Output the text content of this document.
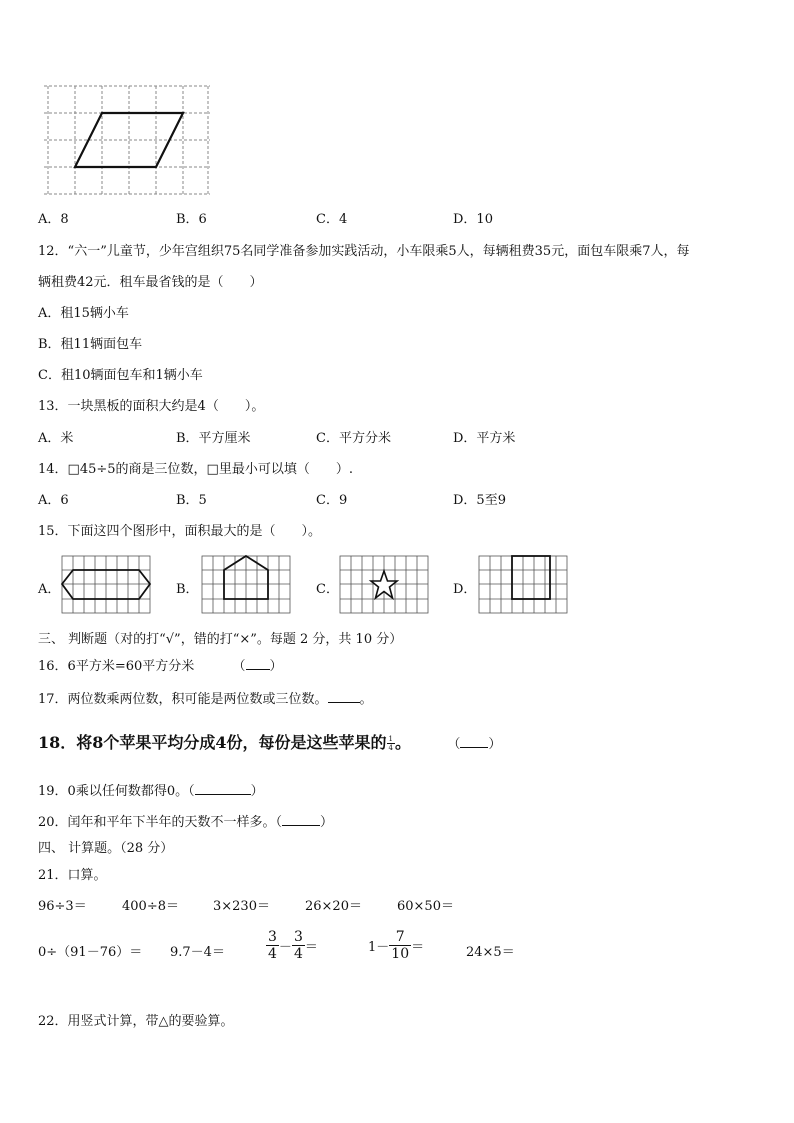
A．8	B．6	C．4	D．10
12．“六一”儿童节，少年宫组织75名同学准备参加实践活动，小车限乘5人，每辆租费35元，面包车限乘7人，每
辆租费42元．租车最省钱的是（　　）
A．租15辆小车
B．租11辆面包车
C．租10辆面包车和1辆小车
13．一块黑板的面积大约是4（　　）。
A．米	B．平方厘米	C．平方分米	D．平方米
14．□45÷5的商是三位数，□里最小可以填（　　）.
A．6	B．5	C．9	D．5至9
15．下面这四个图形中，面积最大的是（　　）。
A．	B．	C．	D．
三、 判断题（对的打“√”，错的打“×”。每题 2 分，共 10 分）
16．6平方米=60平方分米	（ ）
17．两位数乘两位数，积可能是两位数或三位数。 。
18．将8个苹果平均分成4份，每份是这些苹果的 $\frac{1}{4}$ 。	（ ）
19．0乘以任何数都得0。（	）
20．闰年和平年下半年的天数不一样多。（	）
四、 计算题。（28 分）
21．口算。
96÷3＝	400÷8＝	3×230＝	26×20＝	60×50＝
0÷（91－76）＝ 9.7－4＝	$\frac{3}{4} - \frac{3}{4}$ ＝	$1- \frac{7}{10}$ ＝	24×5＝
22．用竖式计算，带△的要验算。
